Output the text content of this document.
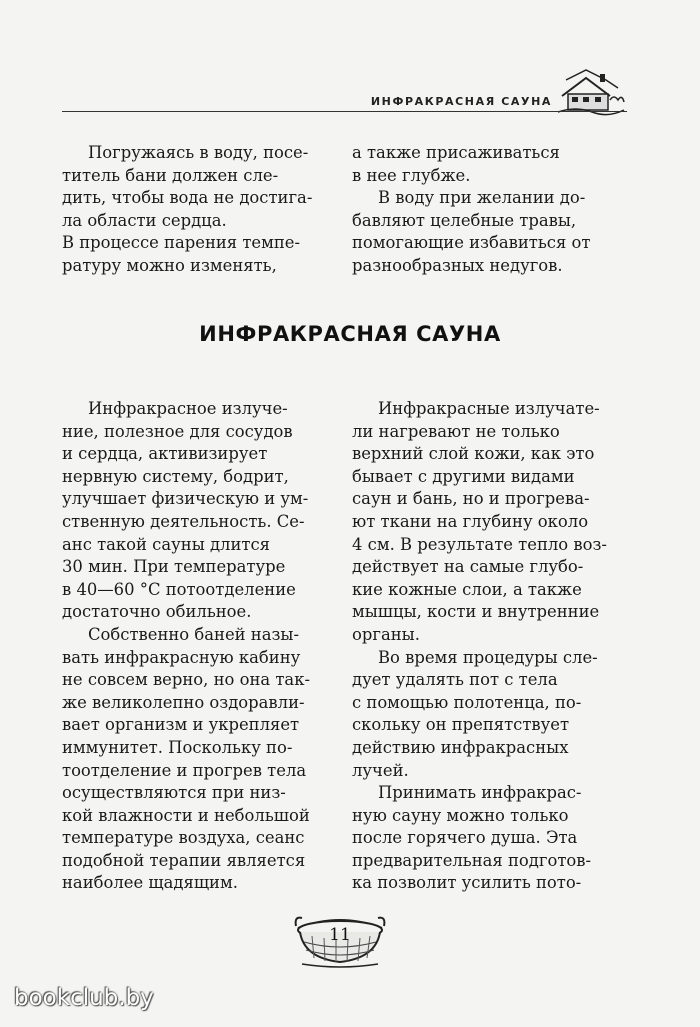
ИНФРАКРАСНАЯ САУНА
Погружаясь в воду, посе-
титель бани должен сле-
дить, чтобы вода не достига-
ла области сердца.
В процессе парения темпе-
ратуру можно изменять,
а также присаживаться
в нее глубже.
В воду при желании до-
бавляют целебные травы,
помогающие избавиться от
разнообразных недугов.
ИНФРАКРАСНАЯ САУНА
Инфракрасное излуче-
ние, полезное для сосудов
и сердца, активизирует
нервную систему, бодрит,
улучшает физическую и ум-
ственную деятельность. Се-
анс такой сауны длится
30 мин. При температуре
в 40—60 °С потоотделение
достаточно обильное.
Собственно баней назы-
вать инфракрасную кабину
не совсем верно, но она так-
же великолепно оздоравли-
вает организм и укрепляет
иммунитет. Поскольку по-
тоотделение и прогрев тела
осуществляются при низ-
кой влажности и небольшой
температуре воздуха, сеанс
подобной терапии является
наиболее щадящим.
Инфракрасные излучате-
ли нагревают не только
верхний слой кожи, как это
бывает с другими видами
саун и бань, но и прогрева-
ют ткани на глубину около
4 см. В результате тепло воз-
действует на самые глубо-
кие кожные слои, а также
мышцы, кости и внутренние
органы.
Во время процедуры сле-
дует удалять пот с тела
с помощью полотенца, по-
скольку он препятствует
действию инфракрасных
лучей.
Принимать инфракрас-
ную сауну можно только
после горячего душа. Эта
предварительная подготов-
ка позволит усилить пото-
11
bookclub.by
